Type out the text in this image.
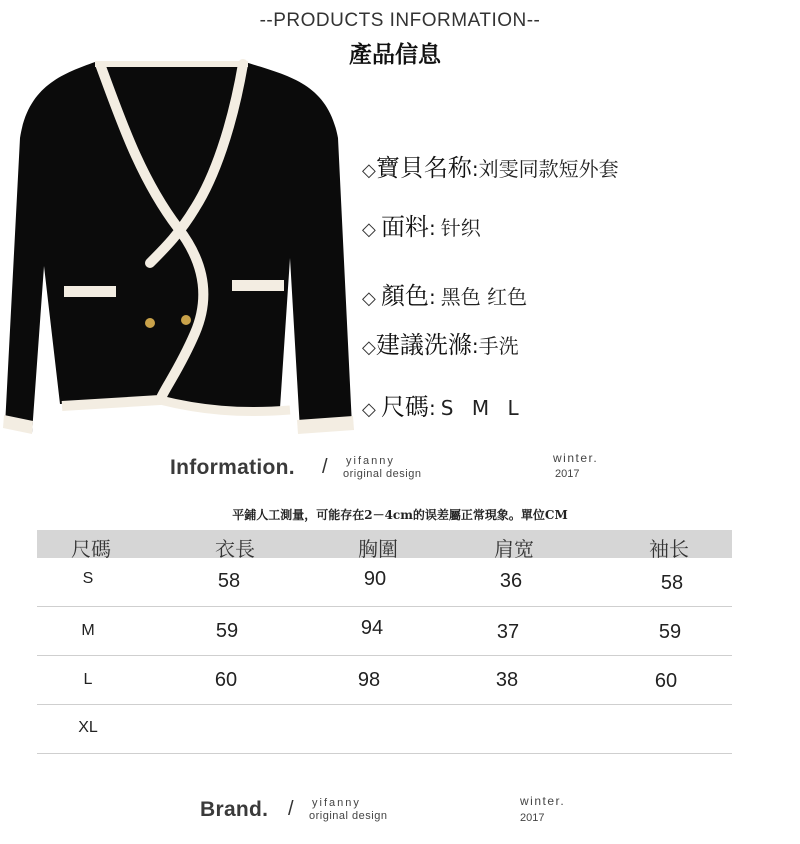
--PRODUCTS INFORMATION--
產品信息
◇寶貝名称:刘雯同款短外套
◇ 面料: 针织
◇ 顏色: 黑色 红色
◇建議洗滌:手洗
◇ 尺碼: S M L
Information. / yifanny
original design
winter.
2017
平鋪人工測量，可能存在2－4cm的误差屬正常現象。單位CM
尺碼	衣長	胸圍	肩宽	袖长
S	58	90	36	58
M	59	94	37	59
L	60	98	38	60
XL
Brand. / yifanny
original design
winter.
2017
